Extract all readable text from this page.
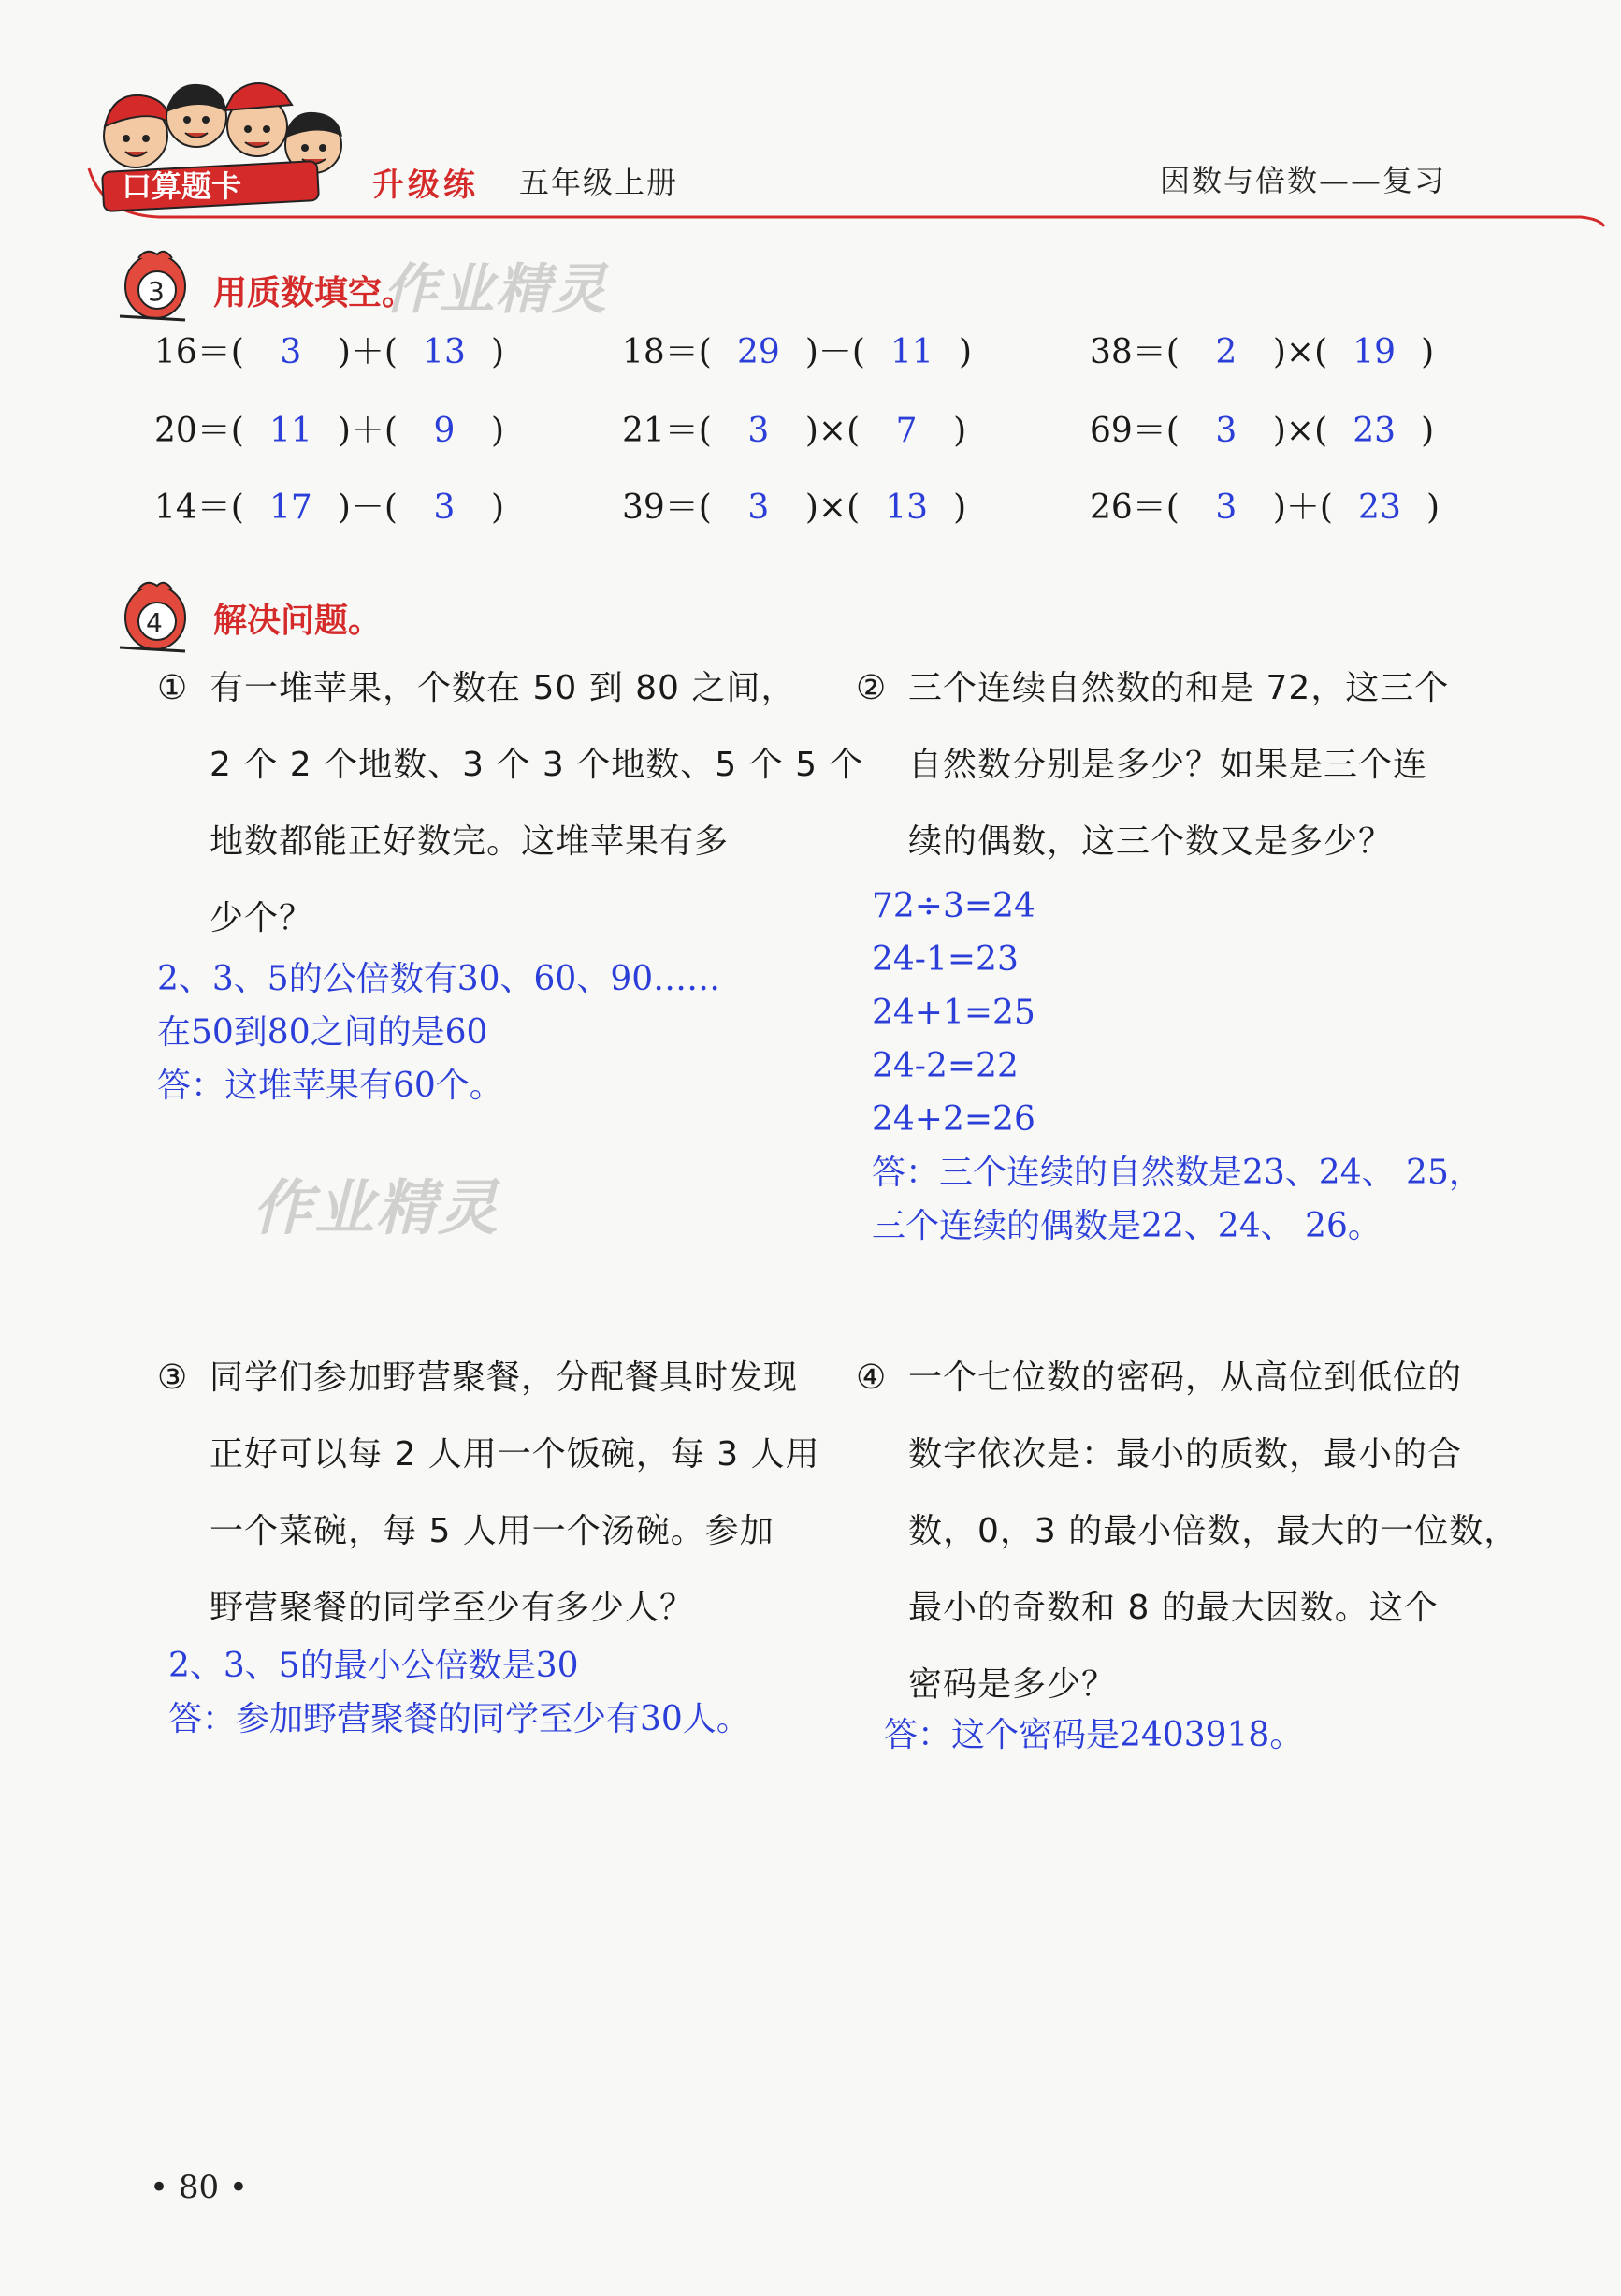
口算题卡	升级练 五年级上册	因数与倍数——复习
3 用质数填空。
作业精灵
16＝( 3 )＋( 13 )	18＝( 29 )－( 11 )	38＝( 2 )×( 19 )
20＝( 11 )＋( 9 )	21＝( 3 )×( 7 )	69＝( 3 )×( 23 )
14＝( 17 )－( 3 )	39＝( 3 )×( 13 )	26＝( 3 )＋( 23 )
4 解决问题。
作业精灵
① 有一堆苹果，个数在 50 到 80 之间，
2 个 2 个地数、3 个 3 个地数、5 个 5 个
地数都能正好数完。这堆苹果有多
少个？
2、3、5的公倍数有30、60、90……
在50到80之间的是60
答：这堆苹果有60个。
② 三个连续自然数的和是 72，这三个
自然数分别是多少？如果是三个连
续的偶数，这三个数又是多少？
72÷3=24
24-1=23
24+1=25
24-2=22
24+2=26
答：三个连续的自然数是23、24、 25，
三个连续的偶数是22、24、 26。
③ 同学们参加野营聚餐，分配餐具时发现
正好可以每 2 人用一个饭碗，每 3 人用
一个菜碗，每 5 人用一个汤碗。参加
野营聚餐的同学至少有多少人？
2、3、5的最小公倍数是30
答：参加野营聚餐的同学至少有30人。
④ 一个七位数的密码，从高位到低位的
数字依次是：最小的质数，最小的合
数，0，3 的最小倍数，最大的一位数，
最小的奇数和 8 的最大因数。这个
密码是多少？
答：这个密码是2403918。
• 80 •
